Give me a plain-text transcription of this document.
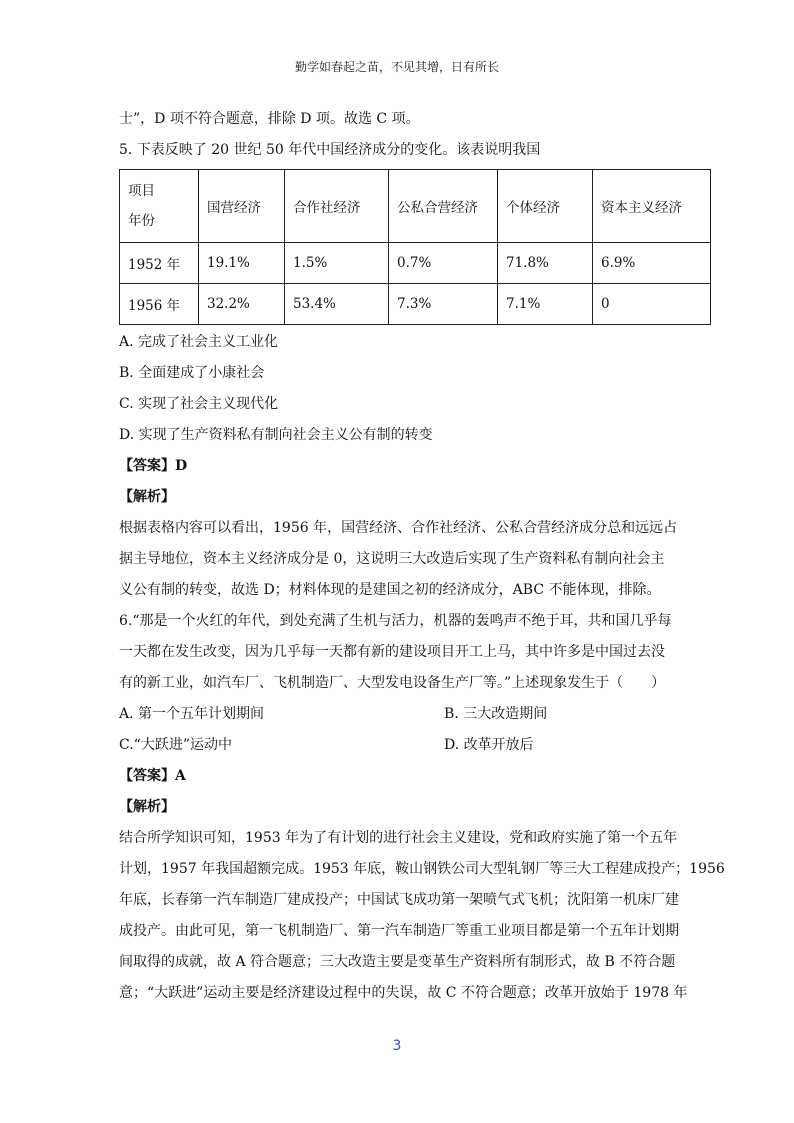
勤学如春起之苗，不见其增，日有所长

士”，D 项不符合题意，排除 D 项。故选 C 项。

5. 下表反映了 20 世纪 50 年代中国经济成分的变化。该表说明我国

项目
年份	国营经济	合作社经济	公私合营经济	个体经济	资本主义经济
1952 年	19.1%	1.5%	0.7%	71.8%	6.9%
1956 年	32.2%	53.4%	7.3%	7.1%	0

A. 完成了社会主义工业化

B. 全面建成了小康社会

C. 实现了社会主义现代化

D. 实现了生产资料私有制向社会主义公有制的转变

【答案】D

【解析】

根据表格内容可以看出，1956 年，国营经济、合作社经济、公私合营经济成分总和远远占

据主导地位，资本主义经济成分是 0，这说明三大改造后实现了生产资料私有制向社会主

义公有制的转变，故选 D；材料体现的是建国之初的经济成分，ABC 不能体现，排除。

6.“那是一个火红的年代，到处充满了生机与活力，机器的轰鸣声不绝于耳，共和国几乎每

一天都在发生改变，因为几乎每一天都有新的建设项目开工上马，其中许多是中国过去没

有的新工业，如汽车厂、飞机制造厂、大型发电设备生产厂等。”上述现象发生于（　　）

A. 第一个五年计划期间	B. 三大改造期间
C.“大跃进”运动中	D. 改革开放后

【答案】A

【解析】

结合所学知识可知，1953 年为了有计划的进行社会主义建设，党和政府实施了第一个五年

计划，1957 年我国超额完成。1953 年底，鞍山钢铁公司大型轧钢厂等三大工程建成投产；1956

年底，长春第一汽车制造厂建成投产；中国试飞成功第一架喷气式飞机；沈阳第一机床厂建

成投产。由此可见，第一飞机制造厂、第一汽车制造厂等重工业项目都是第一个五年计划期

间取得的成就，故 A 符合题意；三大改造主要是变革生产资料所有制形式，故 B 不符合题

意；“大跃进”运动主要是经济建设过程中的失误，故 C 不符合题意；改革开放始于 1978 年

3
